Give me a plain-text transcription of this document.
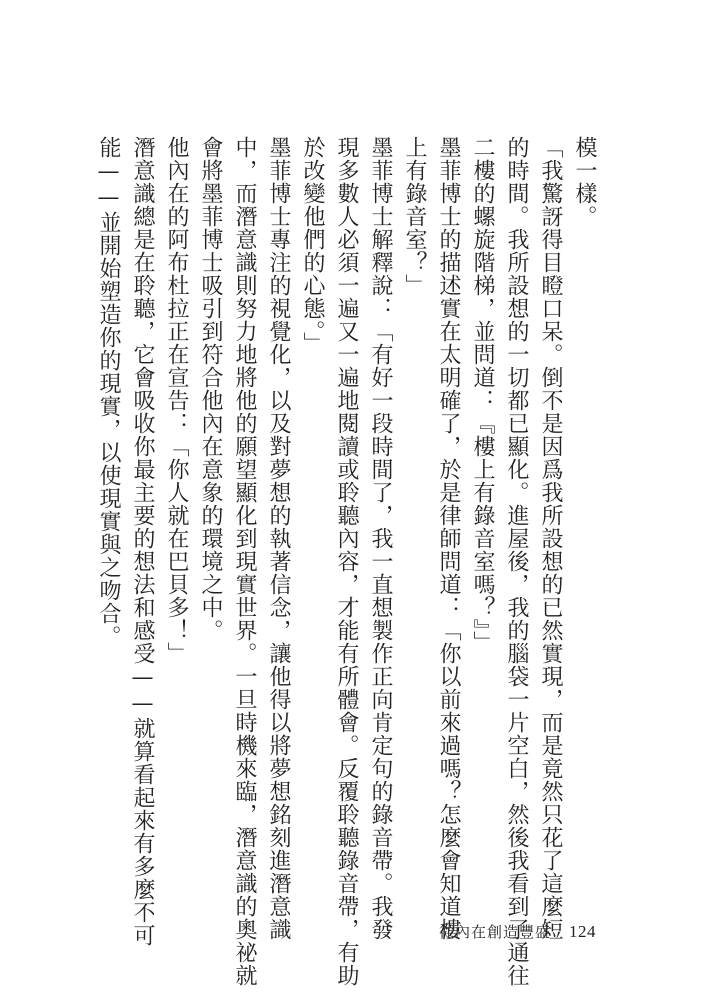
模一樣。
「我驚訝得目瞪口呆。倒不是因爲我所設想的已然實現，而是竟然只花了這麼短
的時間。我所設想的一切都已顯化。進屋後，我的腦袋一片空白，然後我看到了通往
二樓的螺旋階梯，並問道：『樓上有錄音室嗎？』」
墨菲博士的描述實在太明確了，於是律師問道：「你以前來過嗎？怎麼會知道樓
上有錄音室？」
墨菲博士解釋說：「有好一段時間了，我一直想製作正向肯定句的錄音帶。我發
現多數人必須一遍又一遍地閱讀或聆聽內容，才能有所體會。反覆聆聽錄音帶，有助
於改變他們的心態。」
墨菲博士專注的視覺化，以及對夢想的執著信念，讓他得以將夢想銘刻進潛意識
中，而潛意識則努力地將他的願望顯化到現實世界。一旦時機來臨，潛意識的奧祕就
會將墨菲博士吸引到符合他內在意象的環境之中。
他內在的阿布杜拉正在宣告：「你人就在巴貝多！」
潛意識總是在聆聽，它會吸收你最主要的想法和感受——就算看起來有多麼不可
能——並開始塑造你的現實，以使現實與之吻合。
從內在創造豐盛 124
